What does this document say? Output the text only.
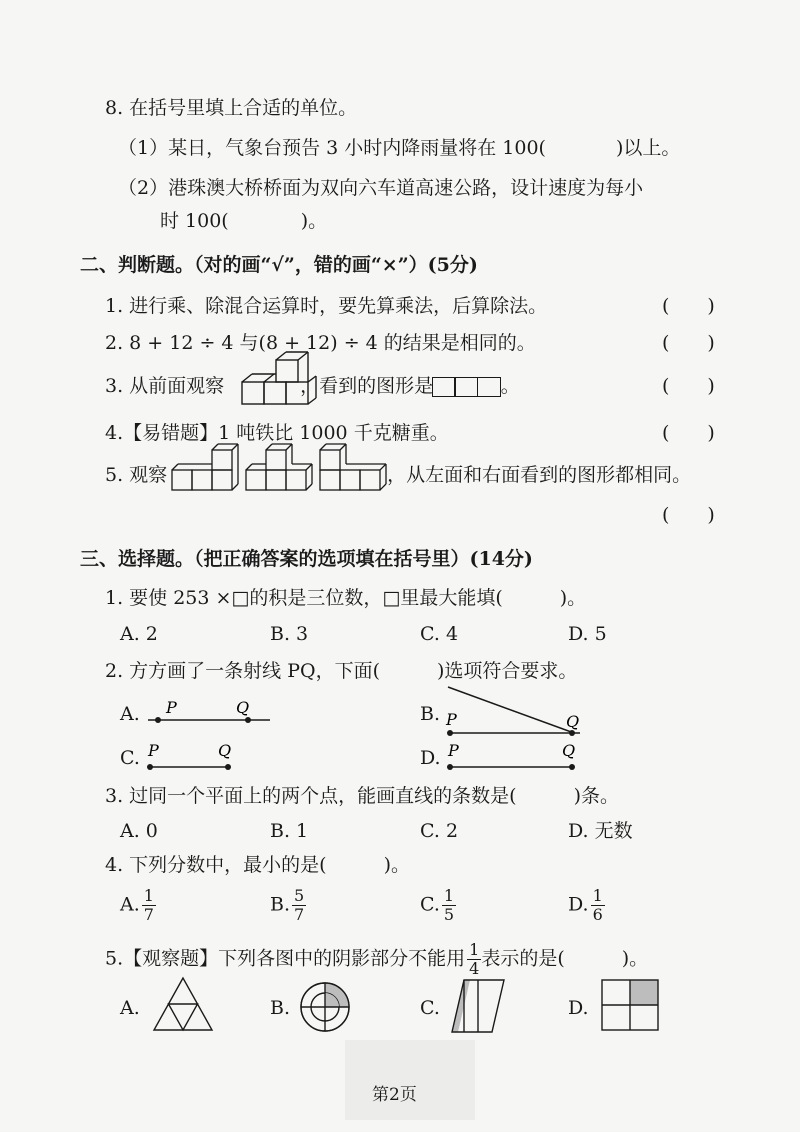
8. 在括号里填上合适的单位。
（1）某日，气象台预告 3 小时内降雨量将在 100(	)以上。
（2）港珠澳大桥桥面为双向六车道高速公路，设计速度为每小
时 100(	)。
二、判断题。（对的画“√”，错的画“×”）(5分)
1. 进行乘、除混合运算时，要先算乘法，后算除法。	(　　)
2. 8 + 12 ÷ 4 与(8 + 12) ÷ 4 的结果是相同的。	(　　)
3. 从前面观察	，看到的图形是	。	(　　)
4.【易错题】1 吨铁比 1000 千克糖重。	(　　)
5. 观察	，从左面和右面看到的图形都相同。
(　　)
三、选择题。（把正确答案的选项填在括号里）(14分)
1. 要使 253 ×□的积是三位数，□里最大能填(　　　)。
A. 2	B. 3	C. 4	D. 5
2. 方方画了一条射线 PQ，下面(　　　)选项符合要求。
A. P	Q	B. P	Q
C. P	Q	D. P	Q
3. 过同一个平面上的两个点，能画直线的条数是(　　　)条。
A. 0	B. 1	C. 2	D. 无数
4. 下列分数中，最小的是(　　　)。
A. $\frac{1}{7}$	B. $\frac{5}{7}$	C. $\frac{1}{5}$	D. $\frac{1}{6}$
5.【观察题】下列各图中的阴影部分不能用 $\frac{1}{4}$ 表示的是(　　　)。
A.	B.	C.	D.
第2页
